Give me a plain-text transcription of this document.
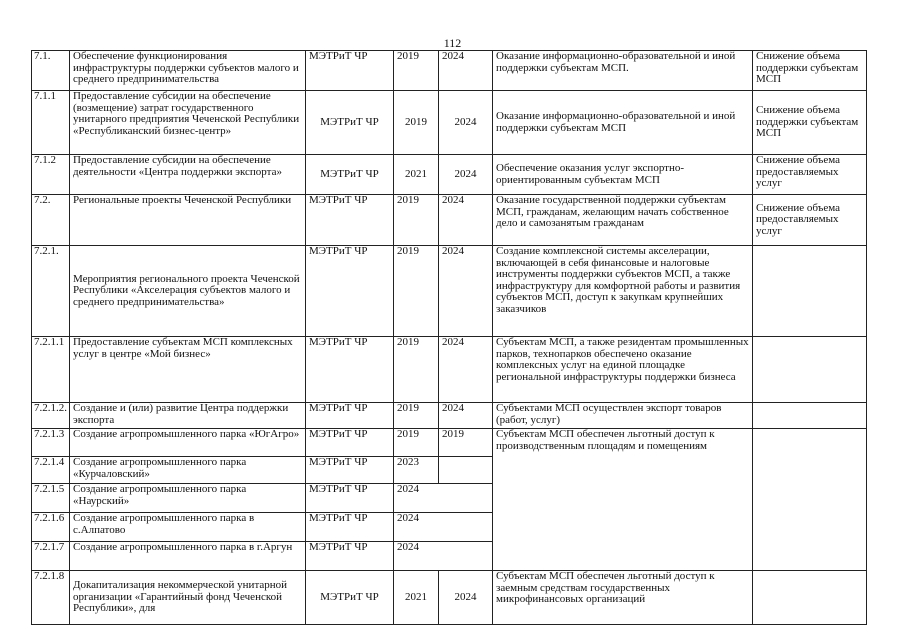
112
7.1.	Обеспечение функционирования инфраструктуры поддержки субъектов малого и среднего предпринимательства	МЭТРиТ ЧР	2019	2024	Оказание информационно-образовательной и иной поддержки субъектам МСП.	Снижение объема поддержки субъектам МСП
7.1.1	Предоставление субсидии на обеспечение (возмещение) затрат государственного унитарного предприятия Чеченской Республики «Республиканский бизнес-центр»	МЭТРиТ ЧР	2019	2024	Оказание информационно-образовательной и иной поддержки субъектам МСП	Снижение объема поддержки субъектам МСП
7.1.2	Предоставление субсидии на обеспечение деятельности «Центра поддержки экспорта»	МЭТРиТ ЧР	2021	2024	Обеспечение оказания услуг экспортно-ориентированным субъектам МСП	Снижение объема предоставляемых услуг
7.2.	Региональные проекты Чеченской Республики	МЭТРиТ ЧР	2019	2024	Оказание государственной поддержки субъектам МСП, гражданам, желающим начать собственное дело и самозанятым гражданам	Снижение объема предоставляемых услуг
7.2.1.	Мероприятия регионального проекта Чеченской Республики «Акселерация субъектов малого и среднего предпринимательства»	МЭТРиТ ЧР	2019	2024	Создание комплексной системы акселерации, включающей в себя финансовые и налоговые инструменты поддержки субъектов МСП, а также инфраструктуру для комфортной работы и развития субъектов МСП, доступ к закупкам крупнейших заказчиков	
7.2.1.1	Предоставление субъектам МСП комплексных услуг в центре «Мой бизнес»	МЭТРиТ ЧР	2019	2024	Субъектам МСП, а также резидентам промышленных парков, технопарков обеспечено оказание комплексных услуг на единой площадке региональной инфраструктуры поддержки бизнеса	
7.2.1.2.	Создание и (или) развитие Центра поддержки экспорта	МЭТРиТ ЧР	2019	2024	Субъектами МСП осуществлен экспорт товаров (работ, услуг)	
7.2.1.3	Создание агропромышленного парка «ЮгАгро»	МЭТРиТ ЧР	2019	2019	Субъектам МСП обеспечен льготный доступ к производственным площадям и помещениям	
7.2.1.4	Создание агропромышленного парка «Курчаловский»	МЭТРиТ ЧР	2023			
7.2.1.5	Создание агропромышленного парка «Наурский»	МЭТРиТ ЧР	2024			
7.2.1.6	Создание агропромышленного парка в с.Алпатово	МЭТРиТ ЧР	2024			
7.2.1.7	Создание агропромышленного парка в г.Аргун	МЭТРиТ ЧР	2024			
7.2.1.8	Докапитализация некоммерческой унитарной организации «Гарантийный фонд Чеченской Республики», для	МЭТРиТ ЧР	2021	2024	Субъектам МСП обеспечен льготный доступ к заемным средствам государственных микрофинансовых организаций	
